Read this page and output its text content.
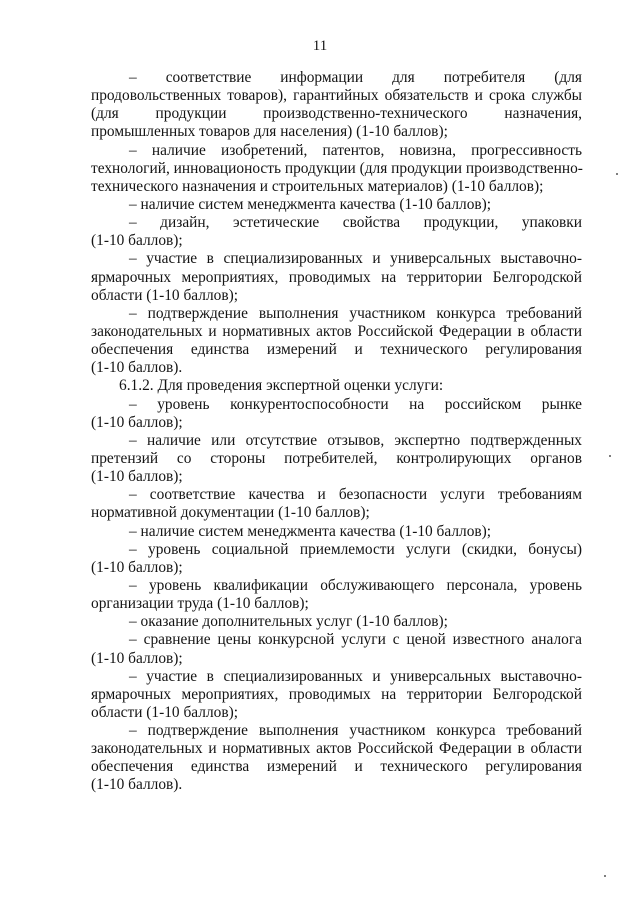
11
– соответствие информации для потребителя (для
продовольственных товаров), гарантийных обязательств и срока службы
(для продукции производственно-технического назначения,
промышленных товаров для населения) (1-10 баллов);
– наличие изобретений, патентов, новизна, прогрессивность
технологий, инновационость продукции (для продукции производственно-
технического назначения и строительных материалов) (1-10 баллов);
– наличие систем менеджмента качества (1-10 баллов);
– дизайн, эстетические свойства продукции, упаковки
(1-10 баллов);
– участие в специализированных и универсальных выставочно-
ярмарочных мероприятиях, проводимых на территории Белгородской
области (1-10 баллов);
– подтверждение выполнения участником конкурса требований
законодательных и нормативных актов Российской Федерации в области
обеспечения единства измерений и технического регулирования
(1-10 баллов).
6.1.2. Для проведения экспертной оценки услуги:
– уровень конкурентоспособности на российском рынке
(1-10 баллов);
– наличие или отсутствие отзывов, экспертно подтвержденных
претензий со стороны потребителей, контролирующих органов
(1-10 баллов);
– соответствие качества и безопасности услуги требованиям
нормативной документации (1-10 баллов);
– наличие систем менеджмента качества (1-10 баллов);
– уровень социальной приемлемости услуги (скидки, бонусы)
(1-10 баллов);
– уровень квалификации обслуживающего персонала, уровень
организации труда (1-10 баллов);
– оказание дополнительных услуг (1-10 баллов);
– сравнение цены конкурсной услуги с ценой известного аналога
(1-10 баллов);
– участие в специализированных и универсальных выставочно-
ярмарочных мероприятиях, проводимых на территории Белгородской
области (1-10 баллов);
– подтверждение выполнения участником конкурса требований
законодательных и нормативных актов Российской Федерации в области
обеспечения единства измерений и технического регулирования
(1-10 баллов).
